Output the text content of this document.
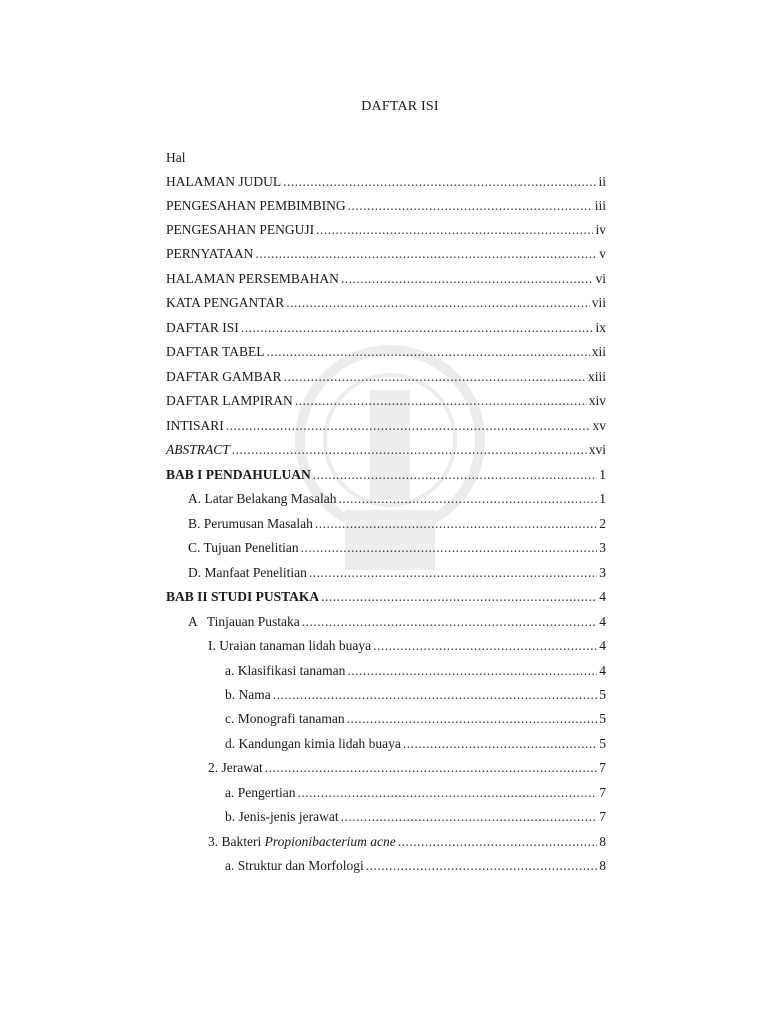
DAFTAR ISI
Hal
HALAMAN JUDUL .....	ii
PENGESAHAN PEMBIMBING .....	iii
PENGESAHAN PENGUJI .....	iv
PERNYATAAN .....	v
HALAMAN PERSEMBAHAN .....	vi
KATA PENGANTAR .....	vii
DAFTAR ISI .....	ix
DAFTAR TABEL .....	xii
DAFTAR GAMBAR .....	xiii
DAFTAR LAMPIRAN .....	xiv
INTISARI .....	xv
ABSTRACT .....	xvi
BAB I PENDAHULUAN .....	1
A. Latar Belakang Masalah .....	1
B. Perumusan Masalah .....	2
C. Tujuan Penelitian .....	3
D. Manfaat Penelitian .....	3
BAB II STUDI PUSTAKA .....	4
A   Tinjauan Pustaka .....	4
I. Uraian tanaman lidah buaya .....	4
a. Klasifikasi tanaman .....	4
b. Nama .....	5
c. Monografi tanaman .....	5
d. Kandungan kimia lidah buaya .....	5
2. Jerawat .....	7
a. Pengertian .....	7
b. Jenis-jenis jerawat .....	7
3. Bakteri Propionibacterium acne .....	8
a. Struktur dan Morfologi .....	8
